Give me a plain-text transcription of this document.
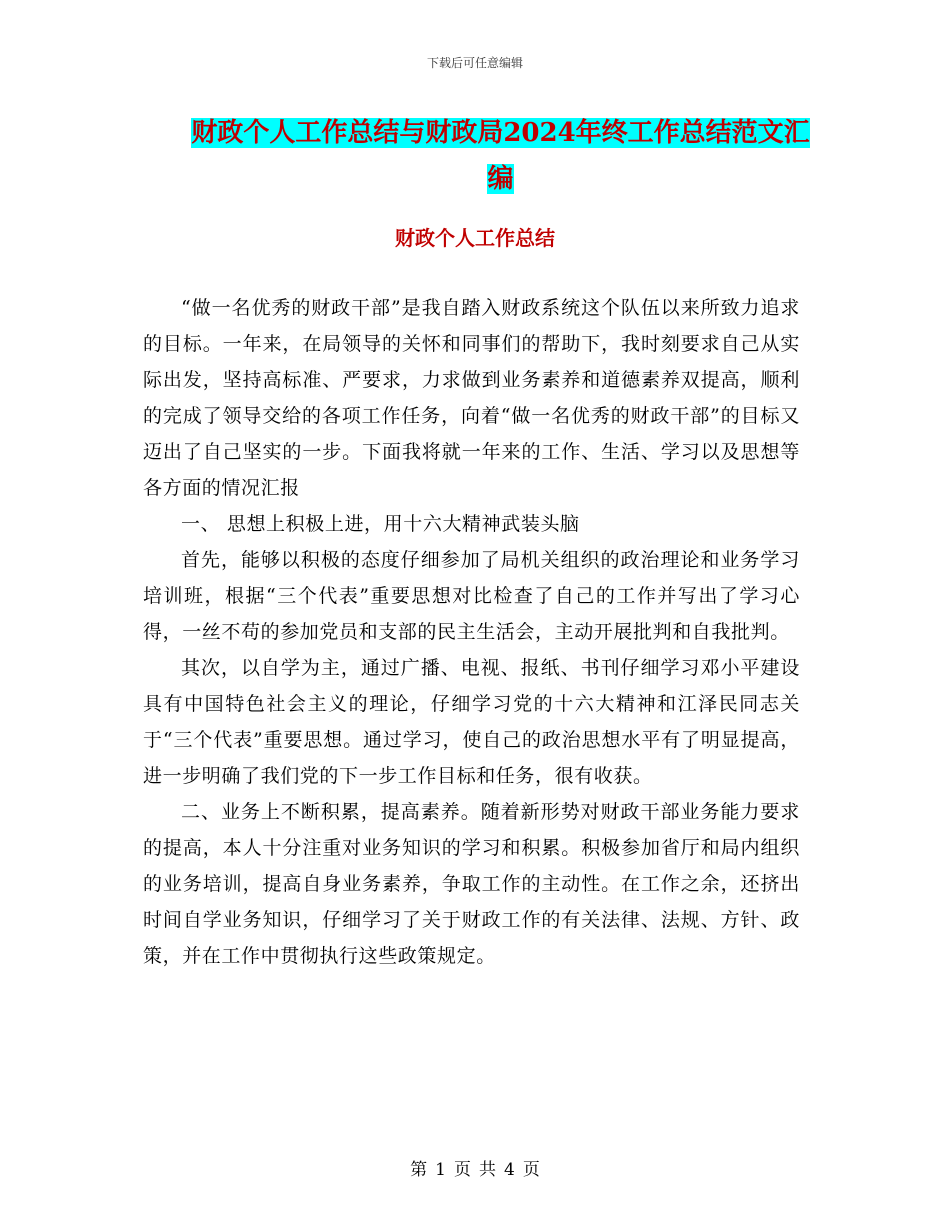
下载后可任意编辑
财政个人工作总结与财政局2024年终工作总结范文汇编
财政个人工作总结

“做一名优秀的财政干部”是我自踏入财政系统这个队伍以来所致力追求的目标。一年来，在局领导的关怀和同事们的帮助下，我时刻要求自己从实际出发，坚持高标准、严要求，力求做到业务素养和道德素养双提高，顺利的完成了领导交给的各项工作任务，向着“做一名优秀的财政干部”的目标又迈出了自己坚实的一步。下面我将就一年来的工作、生活、学习以及思想等各方面的情况汇报

一、 思想上积极上进，用十六大精神武装头脑

首先，能够以积极的态度仔细参加了局机关组织的政治理论和业务学习培训班，根据“三个代表”重要思想对比检查了自己的工作并写出了学习心得，一丝不苟的参加党员和支部的民主生活会，主动开展批判和自我批判。

其次，以自学为主，通过广播、电视、报纸、书刊仔细学习邓小平建设具有中国特色社会主义的理论，仔细学习党的十六大精神和江泽民同志关于“三个代表”重要思想。通过学习，使自己的政治思想水平有了明显提高，进一步明确了我们党的下一步工作目标和任务，很有收获。

二、业务上不断积累，提高素养。随着新形势对财政干部业务能力要求的提高，本人十分注重对业务知识的学习和积累。积极参加省厅和局内组织的业务培训，提高自身业务素养，争取工作的主动性。在工作之余，还挤出时间自学业务知识，仔细学习了关于财政工作的有关法律、法规、方针、政策，并在工作中贯彻执行这些政策规定。

第 1 页 共 4 页
